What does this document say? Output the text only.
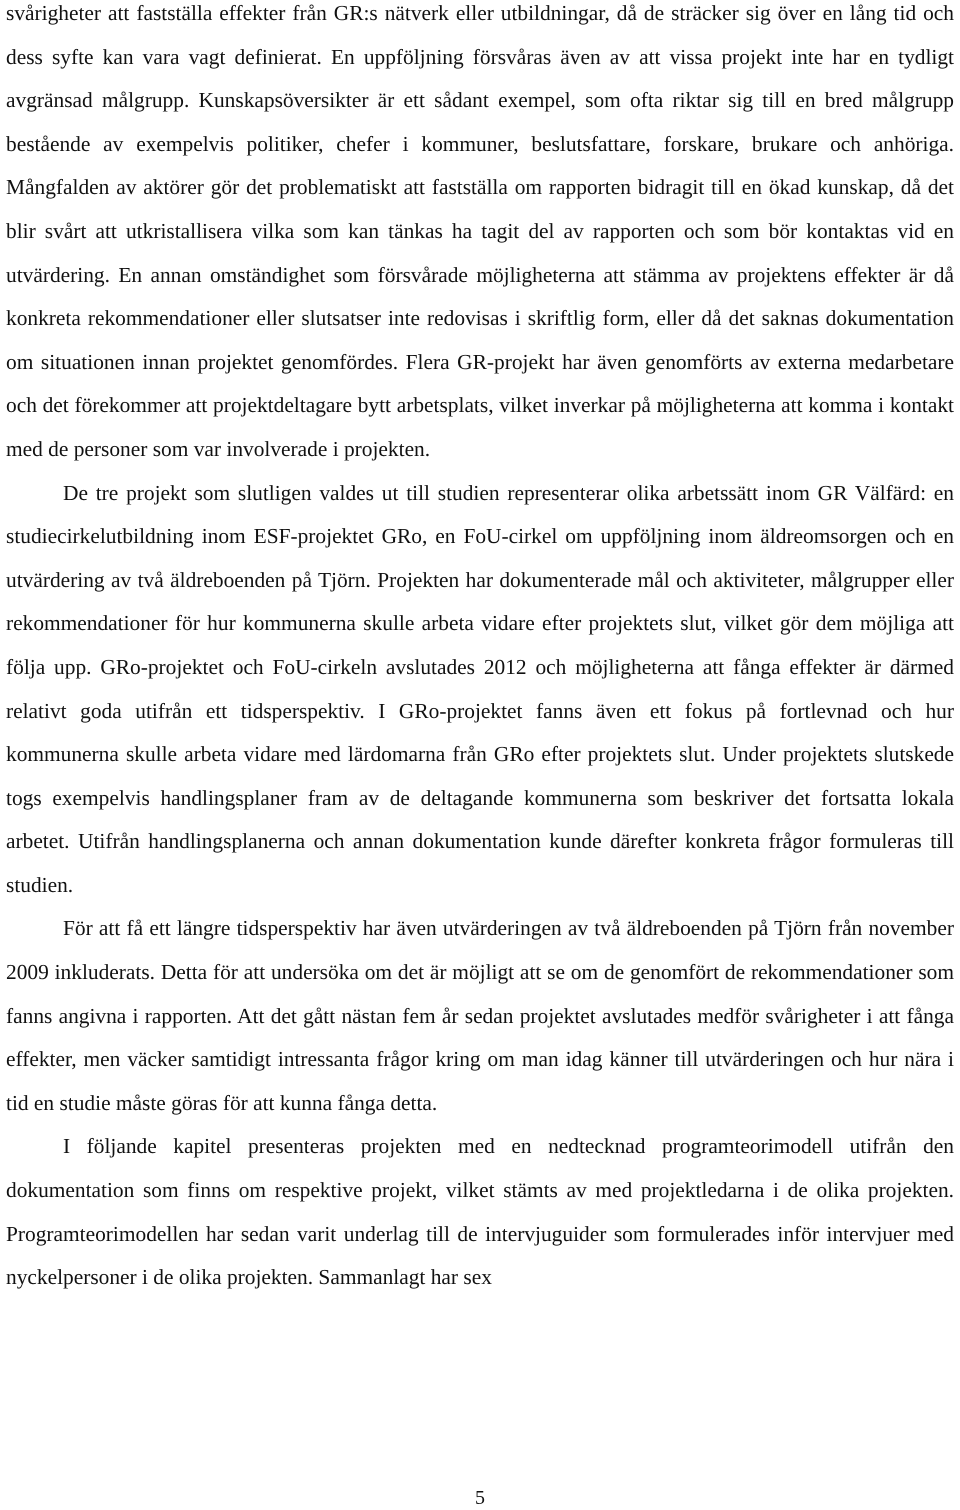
svårigheter att fastställa effekter från GR:s nätverk eller utbildningar, då de sträcker sig över en lång tid och dess syfte kan vara vagt definierat. En uppföljning försvåras även av att vissa projekt inte har en tydligt avgränsad målgrupp. Kunskapsöversikter är ett sådant exempel, som ofta riktar sig till en bred målgrupp bestående av exempelvis politiker, chefer i kommuner, beslutsfattare, forskare, brukare och anhöriga. Mångfalden av aktörer gör det problematiskt att fastställa om rapporten bidragit till en ökad kunskap, då det blir svårt att utkristallisera vilka som kan tänkas ha tagit del av rapporten och som bör kontaktas vid en utvärdering. En annan omständighet som försvårade möjligheterna att stämma av projektens effekter är då konkreta rekommendationer eller slutsatser inte redovisas i skriftlig form, eller då det saknas dokumentation om situationen innan projektet genomfördes. Flera GR-projekt har även genomförts av externa medarbetare och det förekommer att projektdeltagare bytt arbetsplats, vilket inverkar på möjligheterna att komma i kontakt med de personer som var involverade i projekten.

De tre projekt som slutligen valdes ut till studien representerar olika arbetssätt inom GR Välfärd: en studiecirkelutbildning inom ESF-projektet GRo, en FoU-cirkel om uppföljning inom äldreomsorgen och en utvärdering av två äldreboenden på Tjörn. Projekten har dokumenterade mål och aktiviteter, målgrupper eller rekommendationer för hur kommunerna skulle arbeta vidare efter projektets slut, vilket gör dem möjliga att följa upp. GRo-projektet och FoU-cirkeln avslutades 2012 och möjligheterna att fånga effekter är därmed relativt goda utifrån ett tidsperspektiv. I GRo-projektet fanns även ett fokus på fortlevnad och hur kommunerna skulle arbeta vidare med lärdomarna från GRo efter projektets slut. Under projektets slutskede togs exempelvis handlingsplaner fram av de deltagande kommunerna som beskriver det fortsatta lokala arbetet. Utifrån handlingsplanerna och annan dokumentation kunde därefter konkreta frågor formuleras till studien.

För att få ett längre tidsperspektiv har även utvärderingen av två äldreboenden på Tjörn från november 2009 inkluderats. Detta för att undersöka om det är möjligt att se om de genomfört de rekommendationer som fanns angivna i rapporten. Att det gått nästan fem år sedan projektet avslutades medför svårigheter i att fånga effekter, men väcker samtidigt intressanta frågor kring om man idag känner till utvärderingen och hur nära i tid en studie måste göras för att kunna fånga detta.

I följande kapitel presenteras projekten med en nedtecknad programteorimodell utifrån den dokumentation som finns om respektive projekt, vilket stämts av med projektledarna i de olika projekten. Programteorimodellen har sedan varit underlag till de intervjuguider som formulerades inför intervjuer med nyckelpersoner i de olika projekten. Sammanlagt har sex

5
